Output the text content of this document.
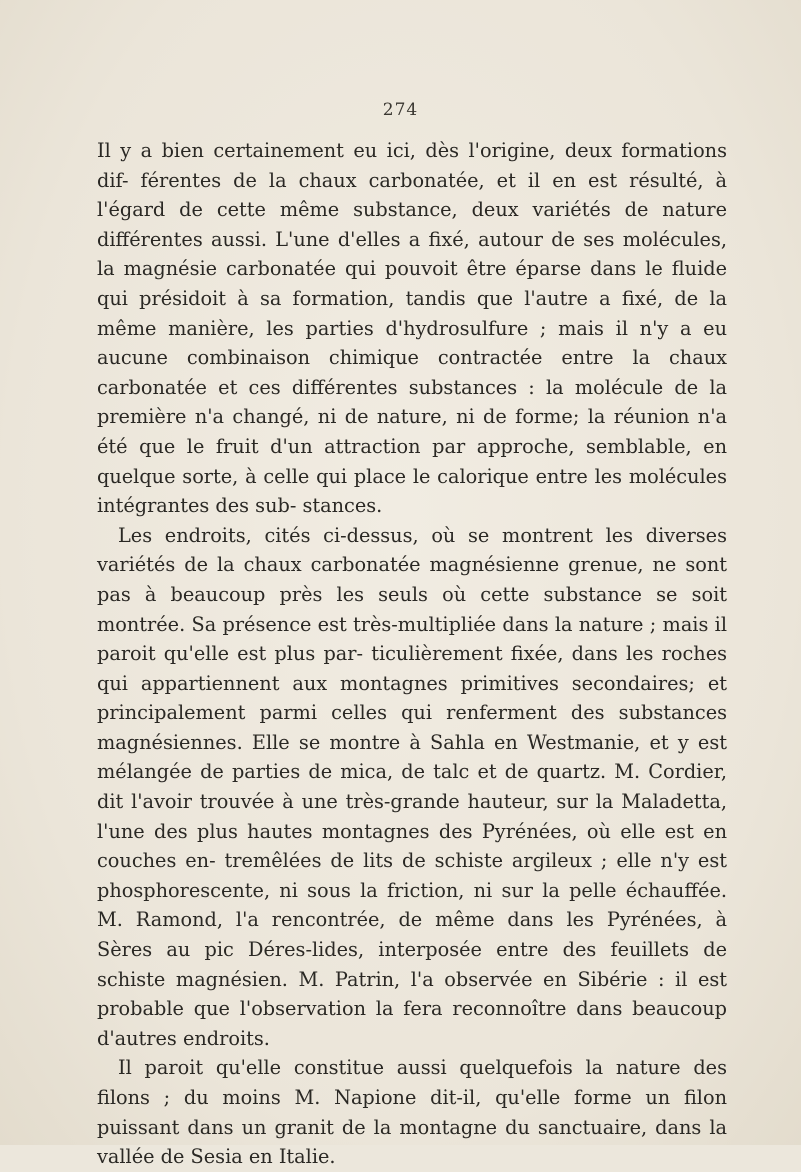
274

Il y a bien certainement eu ici, dès l'origine, deux formations dif- férentes de la chaux carbonatée, et il en est résulté, à l'égard de cette même substance, deux variétés de nature différentes aussi. L'une d'elles a fixé, autour de ses molécules, la magnésie carbonatée qui pouvoit être éparse dans le fluide qui présidoit à sa formation, tandis que l'autre a fixé, de la même manière, les parties d'hydrosulfure ; mais il n'y a eu aucune combinaison chimique contractée entre la chaux carbonatée et ces différentes substances : la molécule de la première n'a changé, ni de nature, ni de forme; la réunion n'a été que le fruit d'un attraction par approche, semblable, en quelque sorte, à celle qui place le calorique entre les molécules intégrantes des sub- stances.

Les endroits, cités ci-dessus, où se montrent les diverses variétés de la chaux carbonatée magnésienne grenue, ne sont pas à beaucoup près les seuls où cette substance se soit montrée. Sa présence est très-multipliée dans la nature ; mais il paroit qu'elle est plus par- ticulièrement fixée, dans les roches qui appartiennent aux montagnes primitives secondaires; et principalement parmi celles qui renferment des substances magnésiennes. Elle se montre à Sahla en Westmanie, et y est mélangée de parties de mica, de talc et de quartz. M. Cordier, dit l'avoir trouvée à une très-grande hauteur, sur la Maladetta, l'une des plus hautes montagnes des Pyrénées, où elle est en couches en- tremêlées de lits de schiste argileux ; elle n'y est phosphorescente, ni sous la friction, ni sur la pelle échauffée. M. Ramond, l'a rencontrée, de même dans les Pyrénées, à Sères au pic Déres-lides, interposée entre des feuillets de schiste magnésien. M. Patrin, l'a observée en Sibérie : il est probable que l'observation la fera reconnoître dans beaucoup d'autres endroits.

Il paroit qu'elle constitue aussi quelquefois la nature des filons ; du moins M. Napione dit-il, qu'elle forme un filon puissant dans un granit de la montagne du sanctuaire, dans la vallée de Sesia en Italie.
